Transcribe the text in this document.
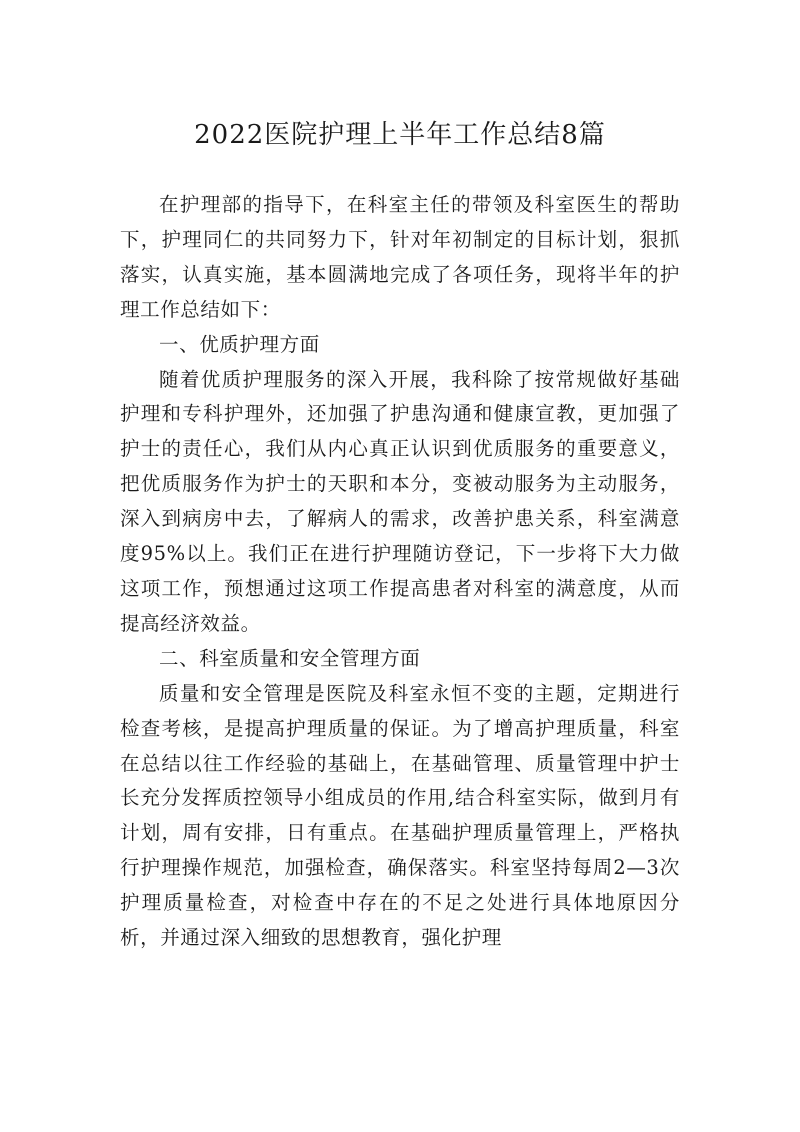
2022医院护理上半年工作总结8篇

在护理部的指导下，在科室主任的带领及科室医生的帮助下，护理同仁的共同努力下，针对年初制定的目标计划，狠抓落实，认真实施，基本圆满地完成了各项任务，现将半年的护理工作总结如下：

一、优质护理方面

随着优质护理服务的深入开展，我科除了按常规做好基础护理和专科护理外，还加强了护患沟通和健康宣教，更加强了护士的责任心，我们从内心真正认识到优质服务的重要意义，把优质服务作为护士的天职和本分，变被动服务为主动服务，深入到病房中去，了解病人的需求，改善护患关系，科室满意度95%以上。我们正在进行护理随访登记，下一步将下大力做这项工作，预想通过这项工作提高患者对科室的满意度，从而提高经济效益。

二、科室质量和安全管理方面

质量和安全管理是医院及科室永恒不变的主题，定期进行检查考核，是提高护理质量的保证。为了增高护理质量，科室在总结以往工作经验的基础上，在基础管理、质量管理中护士长充分发挥质控领导小组成员的作用,结合科室实际，做到月有计划，周有安排，日有重点。在基础护理质量管理上，严格执行护理操作规范，加强检查，确保落实。科室坚持每周2—3次护理质量检查，对检查中存在的不足之处进行具体地原因分析，并通过深入细致的思想教育，强化护理
